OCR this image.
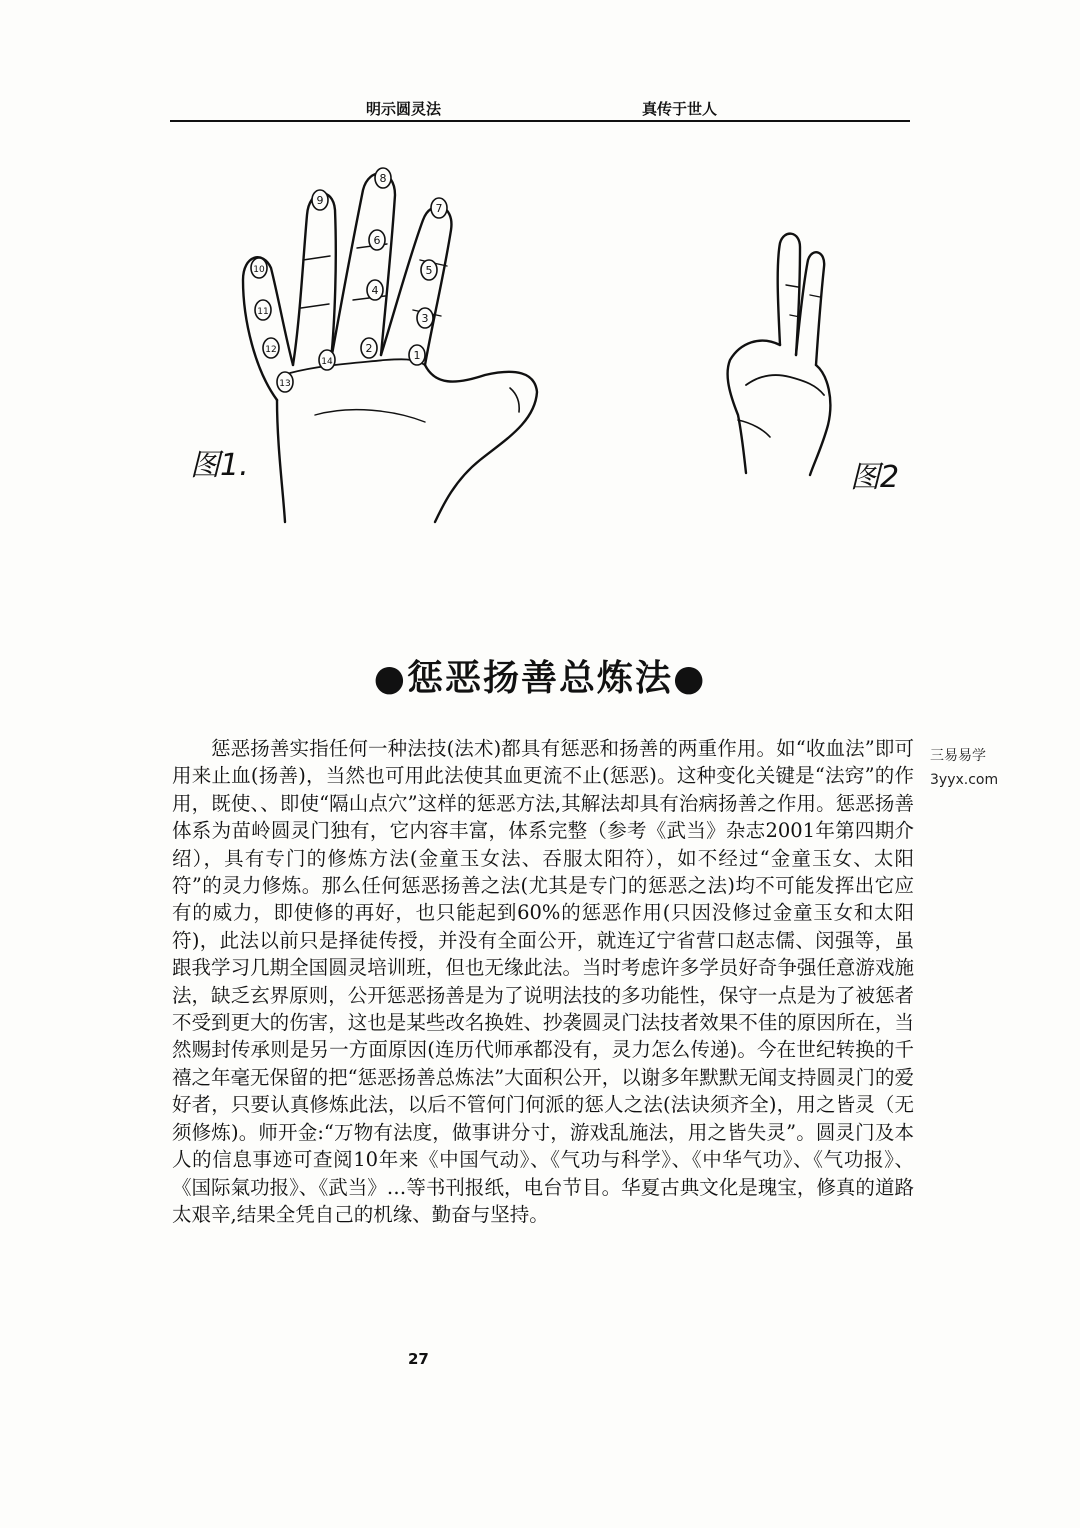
明示圆灵法	真传于世人
1
2
3
4
5
6
7
8
9
10
11
12
13
14
图1.	图2
●惩恶扬善总炼法●

惩恶扬善实指任何一种法技(法术)都具有惩恶和扬善的两重作用。如“收血法”即可用来止血(扬善)，当然也可用此法使其血更流不止(惩恶)。这种变化关键是“法窍”的作用，既使、、即使“隔山点穴”这样的惩恶方法,其解法却具有治病扬善之作用。惩恶扬善体系为苗岭圆灵门独有，它内容丰富，体系完整（参考《武当》杂志2001年第四期介绍），具有专门的修炼方法(金童玉女法、吞服太阳符），如不经过“金童玉女、太阳符”的灵力修炼。那么任何惩恶扬善之法(尤其是专门的惩恶之法)均不可能发挥出它应有的威力，即使修的再好，也只能起到60%的惩恶作用(只因没修过金童玉女和太阳符)，此法以前只是择徒传授，并没有全面公开，就连辽宁省营口赵志儒、闵强等，虽跟我学习几期全国圆灵培训班，但也无缘此法。当时考虑许多学员好奇争强任意游戏施法，缺乏玄界原则，公开惩恶扬善是为了说明法技的多功能性，保守一点是为了被惩者不受到更大的伤害，这也是某些改名换姓、抄袭圆灵门法技者效果不佳的原因所在，当然赐封传承则是另一方面原因(连历代师承都没有，灵力怎么传递)。今在世纪转换的千禧之年毫无保留的把“惩恶扬善总炼法”大面积公开，以谢多年默默无闻支持圆灵门的爱好者，只要认真修炼此法，以后不管何门何派的惩人之法(法诀须齐全)，用之皆灵（无须修炼)。师开金:“万物有法度，做事讲分寸，游戏乱施法，用之皆失灵”。圆灵门及本人的信息事迹可查阅10年来《中国气动》、《气功与科学》、《中华气功》、《气功报》、《国际氣功报》、《武当》…等书刊报纸，电台节目。华夏古典文化是瑰宝，修真的道路太艰辛,结果全凭自己的机缘、勤奋与坚持。

三易易学
3yyx.com
27
